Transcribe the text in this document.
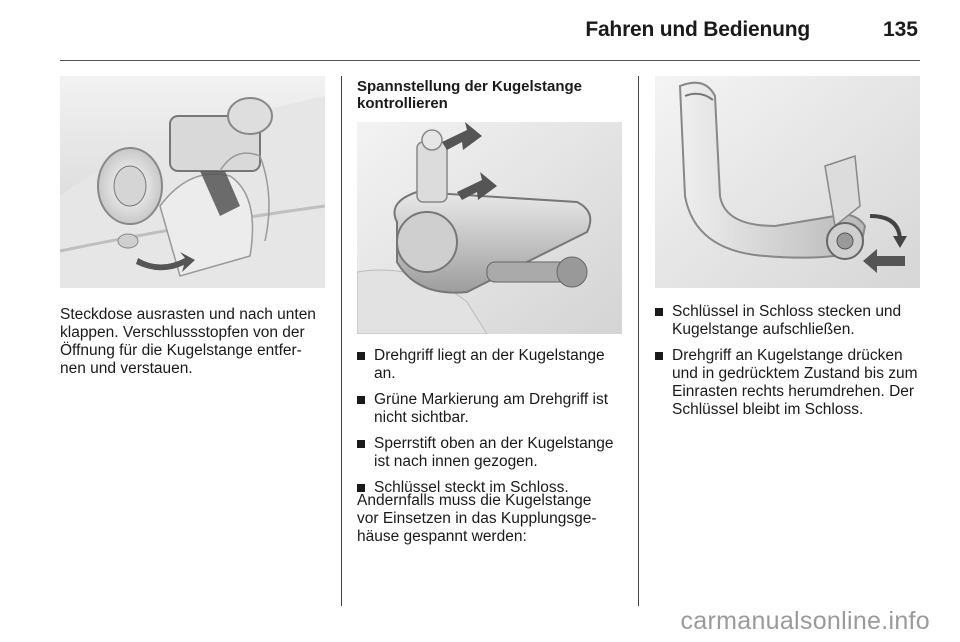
Fahren und Bedienung	135
Steckdose ausrasten und nach unten
klappen. Verschlussstopfen von der
Öffnung für die Kugelstange entfer-
nen und verstauen.
Spannstellung der Kugelstange
kontrollieren
Drehgriff liegt an der Kugelstange
an.
Grüne Markierung am Drehgriff ist
nicht sichtbar.
Sperrstift oben an der Kugelstange
ist nach innen gezogen.
Schlüssel steckt im Schloss.
Andernfalls muss die Kugelstange
vor Einsetzen in das Kupplungsge-
häuse gespannt werden:
Schlüssel in Schloss stecken und
Kugelstange aufschließen.
Drehgriff an Kugelstange drücken
und in gedrücktem Zustand bis zum
Einrasten rechts herumdrehen. Der
Schlüssel bleibt im Schloss.
carmanualsonline.info
